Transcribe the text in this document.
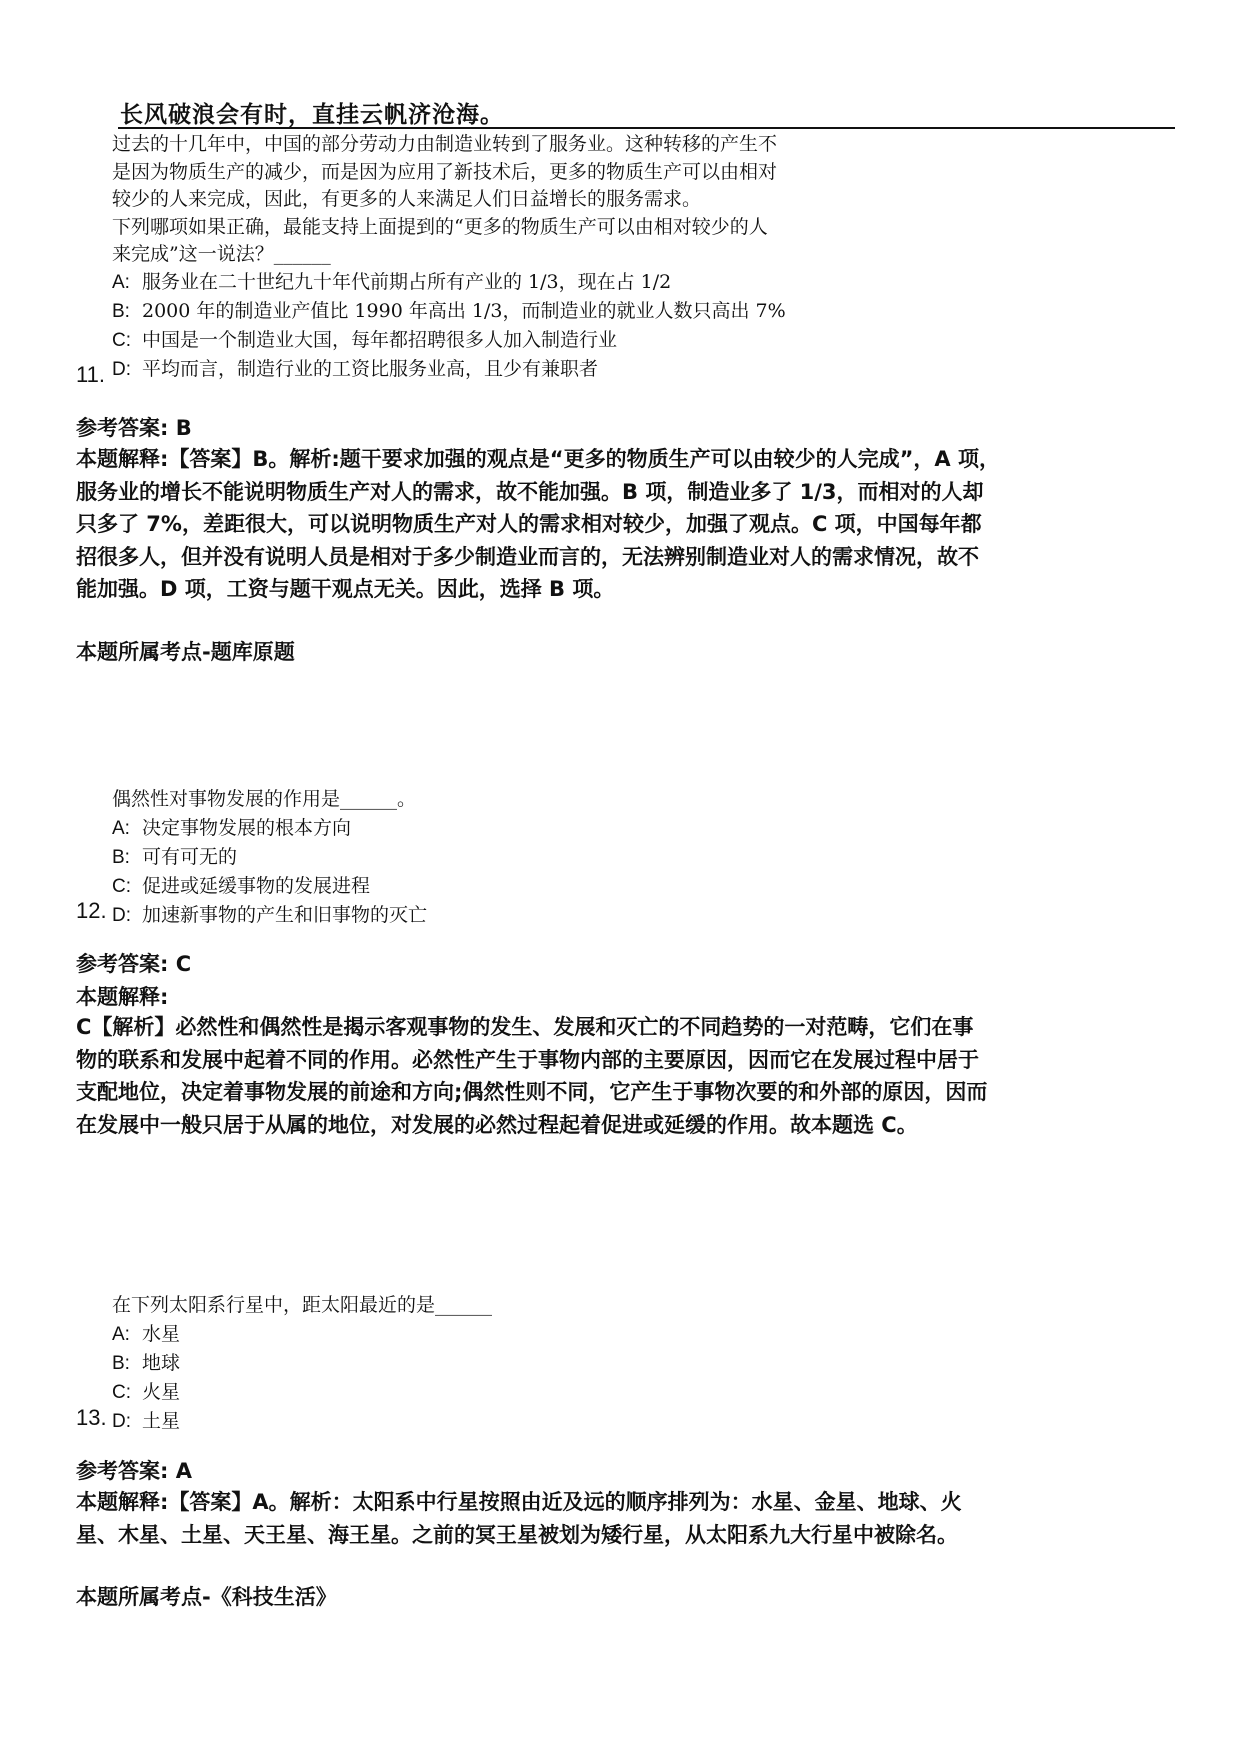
长风破浪会有时，直挂云帆济沧海。
过去的十几年中，中国的部分劳动力由制造业转到了服务业。这种转移的产生不
是因为物质生产的减少，而是因为应用了新技术后，更多的物质生产可以由相对
较少的人来完成，因此，有更多的人来满足人们日益增长的服务需求。
下列哪项如果正确，最能支持上面提到的“更多的物质生产可以由相对较少的人
来完成”这一说法？______
A: 服务业在二十世纪九十年代前期占所有产业的 1/3，现在占 1/2
B: 2000 年的制造业产值比 1990 年高出 1/3，而制造业的就业人数只高出 7%
C: 中国是一个制造业大国，每年都招聘很多人加入制造行业
D: 平均而言，制造行业的工资比服务业高，且少有兼职者
11.
参考答案: B
本题解释:【答案】B。解析:题干要求加强的观点是“更多的物质生产可以由较少的人完成”，A 项，
服务业的增长不能说明物质生产对人的需求，故不能加强。B 项，制造业多了 1/3，而相对的人却
只多了 7%，差距很大，可以说明物质生产对人的需求相对较少，加强了观点。C 项，中国每年都
招很多人，但并没有说明人员是相对于多少制造业而言的，无法辨别制造业对人的需求情况，故不
能加强。D 项，工资与题干观点无关。因此，选择 B 项。
本题所属考点-题库原题
偶然性对事物发展的作用是______。
A: 决定事物发展的根本方向
B: 可有可无的
C: 促进或延缓事物的发展进程
D: 加速新事物的产生和旧事物的灭亡
12.
参考答案: C
本题解释:
C【解析】必然性和偶然性是揭示客观事物的发生、发展和灭亡的不同趋势的一对范畴，它们在事
物的联系和发展中起着不同的作用。必然性产生于事物内部的主要原因，因而它在发展过程中居于
支配地位，决定着事物发展的前途和方向;偶然性则不同，它产生于事物次要的和外部的原因，因而
在发展中一般只居于从属的地位，对发展的必然过程起着促进或延缓的作用。故本题选 C。
在下列太阳系行星中，距太阳最近的是______
A: 水星
B: 地球
C: 火星
D: 土星
13.
参考答案: A
本题解释:【答案】A。解析：太阳系中行星按照由近及远的顺序排列为：水星、金星、地球、火
星、木星、土星、天王星、海王星。之前的冥王星被划为矮行星，从太阳系九大行星中被除名。
本题所属考点-《科技生活》
